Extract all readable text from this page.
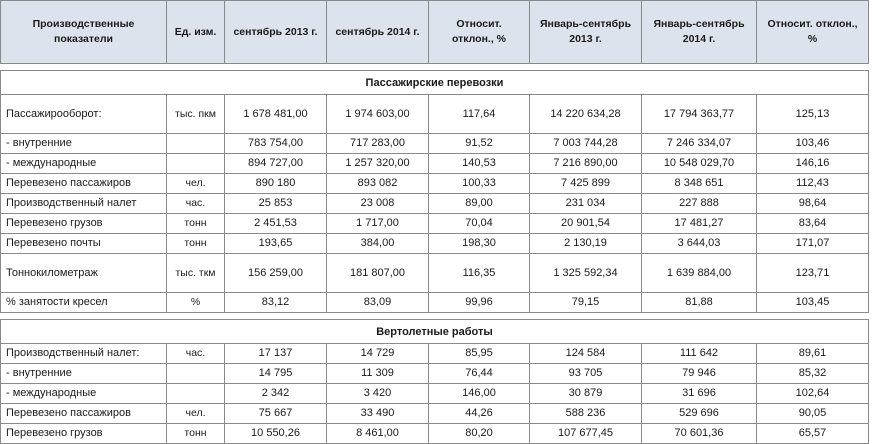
Производственные показатели	Ед. изм.	сентябрь 2013 г.	сентябрь 2014 г.	Относит. отклон., %	Январь-сентябрь 2013 г.	Январь-сентябрь 2014 г.	Относит. отклон., %

Пассажирские перевозки							
Пассажирооборот:	тыс. пкм	1 678 481,00	1 974 603,00	117,64	14 220 634,28	17 794 363,77	125,13
- внутренние		783 754,00	717 283,00	91,52	7 003 744,28	7 246 334,07	103,46
- международные		894 727,00	1 257 320,00	140,53	7 216 890,00	10 548 029,70	146,16
Перевезено пассажиров	чел.	890 180	893 082	100,33	7 425 899	8 348 651	112,43
Производственный налет	час.	25 853	23 008	89,00	231 034	227 888	98,64
Перевезено грузов	тонн	2 451,53	1 717,00	70,04	20 901,54	17 481,27	83,64
Перевезено почты	тонн	193,65	384,00	198,30	2 130,19	3 644,03	171,07
Тоннокилометраж	тыс. ткм	156 259,00	181 807,00	116,35	1 325 592,34	1 639 884,00	123,71
% занятости кресел	%	83,12	83,09	99,96	79,15	81,88	103,45

Вертолетные работы							
Производственный налет:	час.	17 137	14 729	85,95	124 584	111 642	89,61
- внутренние		14 795	11 309	76,44	93 705	79 946	85,32
- международные		2 342	3 420	146,00	30 879	31 696	102,64
Перевезено пассажиров	чел.	75 667	33 490	44,26	588 236	529 696	90,05
Перевезено грузов	тонн	10 550,26	8 461,00	80,20	107 677,45	70 601,36	65,57
